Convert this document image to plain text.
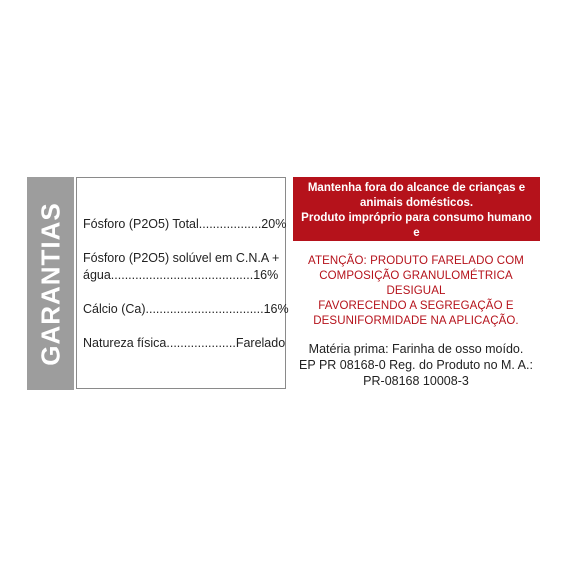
GARANTIAS Fósforo (P2O5) Total..................20%
Fósforo (P2O5) solúvel em C.N.A + água.........................................16%
Cálcio (Ca)..................................16%
Natureza física....................Farelado
Mantenha fora do alcance de crianças e
animais domésticos.
Produto impróprio para consumo humano e
animal – Pode causar intoxicação
ATENÇÃO: PRODUTO FARELADO COM
COMPOSIÇÃO GRANULOMÉTRICA DESIGUAL
FAVORECENDO A SEGREGAÇÃO E
DESUNIFORMIDADE NA APLICAÇÃO.
Matéria prima: Farinha de osso moído.
EP PR 08168-0 Reg. do Produto no M. A.:
PR-08168 10008-3
